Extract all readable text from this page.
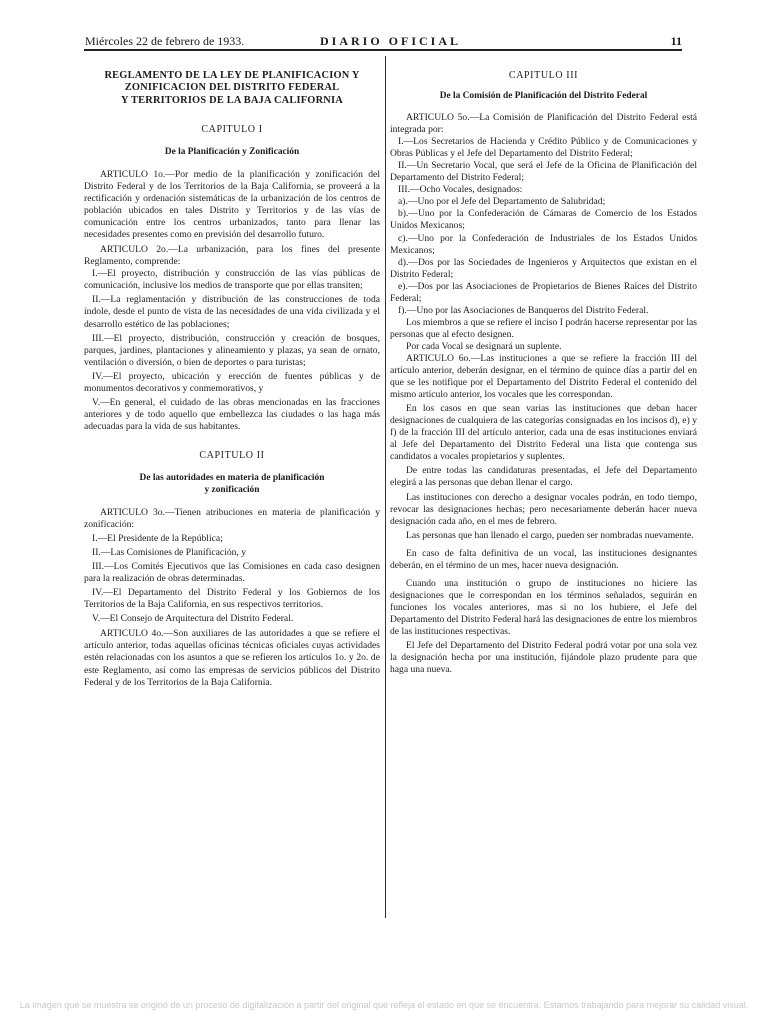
Miércoles 22 de febrero de 1933.	DIARIO OFICIAL	11
REGLAMENTO DE LA LEY DE PLANIFICACION Y
ZONIFICACION DEL DISTRITO FEDERAL
Y TERRITORIOS DE LA BAJA CALIFORNIA

CAPITULO I

De la Planificación y Zonificación

ARTICULO 1o.—Por medio de la planificación y zonificación del Distrito Federal y de los Territorios de la Baja California, se proveerá a la rectificación y ordenación sistemáticas de la urbanización de los centros de población ubicados en tales Distrito y Territorios y de las vías de comunicación entre los centros urbanizados, tanto para llenar las necesidades presentes como en previsión del desarrollo futuro.

ARTICULO 2o.—La urbanización, para los fines del presente Reglamento, comprende:

I.—El proyecto, distribución y construcción de las vías públicas de comunicación, inclusive los medios de transporte que por ellas transiten;

II.—La reglamentación y distribución de las construcciones de toda índole, desde el punto de vista de las necesidades de una vida civilizada y el desarrollo estético de las poblaciones;

III.—El proyecto, distribución, construcción y creación de bosques, parques, jardines, plantaciones y alineamiento y plazas, ya sean de ornato, ventilación o diversión, o bien de deportes o para turistas;

IV.—El proyecto, ubicación y erección de fuentes públicas y de monumentos decorativos y conmemorativos, y

V.—En general, el cuidado de las obras mencionadas en las fracciones anteriores y de todo aquello que embellezca las ciudades o las haga más adecuadas para la vida de sus habitantes.

CAPITULO II

De las autoridades en materia de planificación

y zonificación

ARTICULO 3o.—Tienen atribuciones en materia de planificación y zonificación:

I.—El Presidente de la República;

II.—Las Comisiones de Planificación, y

III.—Los Comités Ejecutivos que las Comisiones en cada caso designen para la realización de obras determinadas.

IV.—El Departamento del Distrito Federal y los Gobiernos de los Territorios de la Baja California, en sus respectivos territorios.

V.—El Consejo de Arquitectura del Distrito Federal.

ARTICULO 4o.—Son auxiliares de las autoridades a que se refiere el artículo anterior, todas aquellas oficinas técnicas oficiales cuyas actividades estén relacionadas con los asuntos a que se refieren los artículos 1o. y 2o. de este Reglamento, así como las empresas de servicios públicos del Distrito Federal y de los Territorios de la Baja California.

CAPITULO III

De la Comisión de Planificación del Distrito Federal

ARTICULO 5o.—La Comisión de Planificación del Distrito Federal está integrada por:

I.—Los Secretarios de Hacienda y Crédito Público y de Comunicaciones y Obras Públicas y el Jefe del Departamento del Distrito Federal;

II.—Un Secretario Vocal, que será el Jefe de la Oficina de Planificación del Departamento del Distrito Federal;

III.—Ocho Vocales, designados:

a).—Uno por el Jefe del Departamento de Salubridad;

b).—Uno por la Confederación de Cámaras de Comercio de los Estados Unidos Mexicanos;

c).—Uno por la Confederación de Industriales de los Estados Unidos Mexicanos;

d).—Dos por las Sociedades de Ingenieros y Arquitectos que existan en el Distrito Federal;

e).—Dos por las Asociaciones de Propietarios de Bienes Raíces del Distrito Federal;

f).—Uno por las Asociaciones de Banqueros del Distrito Federal.

Los miembros a que se refiere el inciso I podrán hacerse representar por las personas que al efecto designen.

Por cada Vocal se designará un suplente.

ARTICULO 6o.—Las instituciones a que se refiere la fracción III del artículo anterior, deberán designar, en el término de quince días a partir del en que se les notifique por el Departamento del Distrito Federal el contenido del mismo artículo anterior, los vocales que les correspondan.

En los casos en que sean varias las instituciones que deban hacer designaciones de cualquiera de las categorías consignadas en los incisos d), e) y f) de la fracción III del artículo anterior, cada una de esas instituciones enviará al Jefe del Departamento del Distrito Federal una lista que contenga sus candidatos a vocales propietarios y suplentes.

De entre todas las candidaturas presentadas, el Jefe del Departamento elegirá a las personas que deban llenar el cargo.

Las instituciones con derecho a designar vocales podrán, en todo tiempo, revocar las designaciones hechas; pero necesariamente deberán hacer nueva designación cada año, en el mes de febrero.

Las personas que han llenado el cargo, pueden ser nombradas nuevamente.

En caso de falta definitiva de un vocal, las instituciones designantes deberán, en el término de un mes, hacer nueva designación.

Cuando una institución o grupo de instituciones no hiciere las designaciones que le correspondan en los términos señalados, seguirán en funciones los vocales anteriores, mas si no los hubiere, el Jefe del Departamento del Distrito Federal hará las designaciones de entre los miembros de las instituciones respectivas.

El Jefe del Departamento del Distrito Federal podrá votar por una sola vez la designación hecha por una institución, fijándole plazo prudente para que haga una nueva.

La imagen que se muestra se originó de un proceso de digitalización a partir del original que refleja el estado en que se encuentra. Estamos trabajando para mejorar su calidad visual.
